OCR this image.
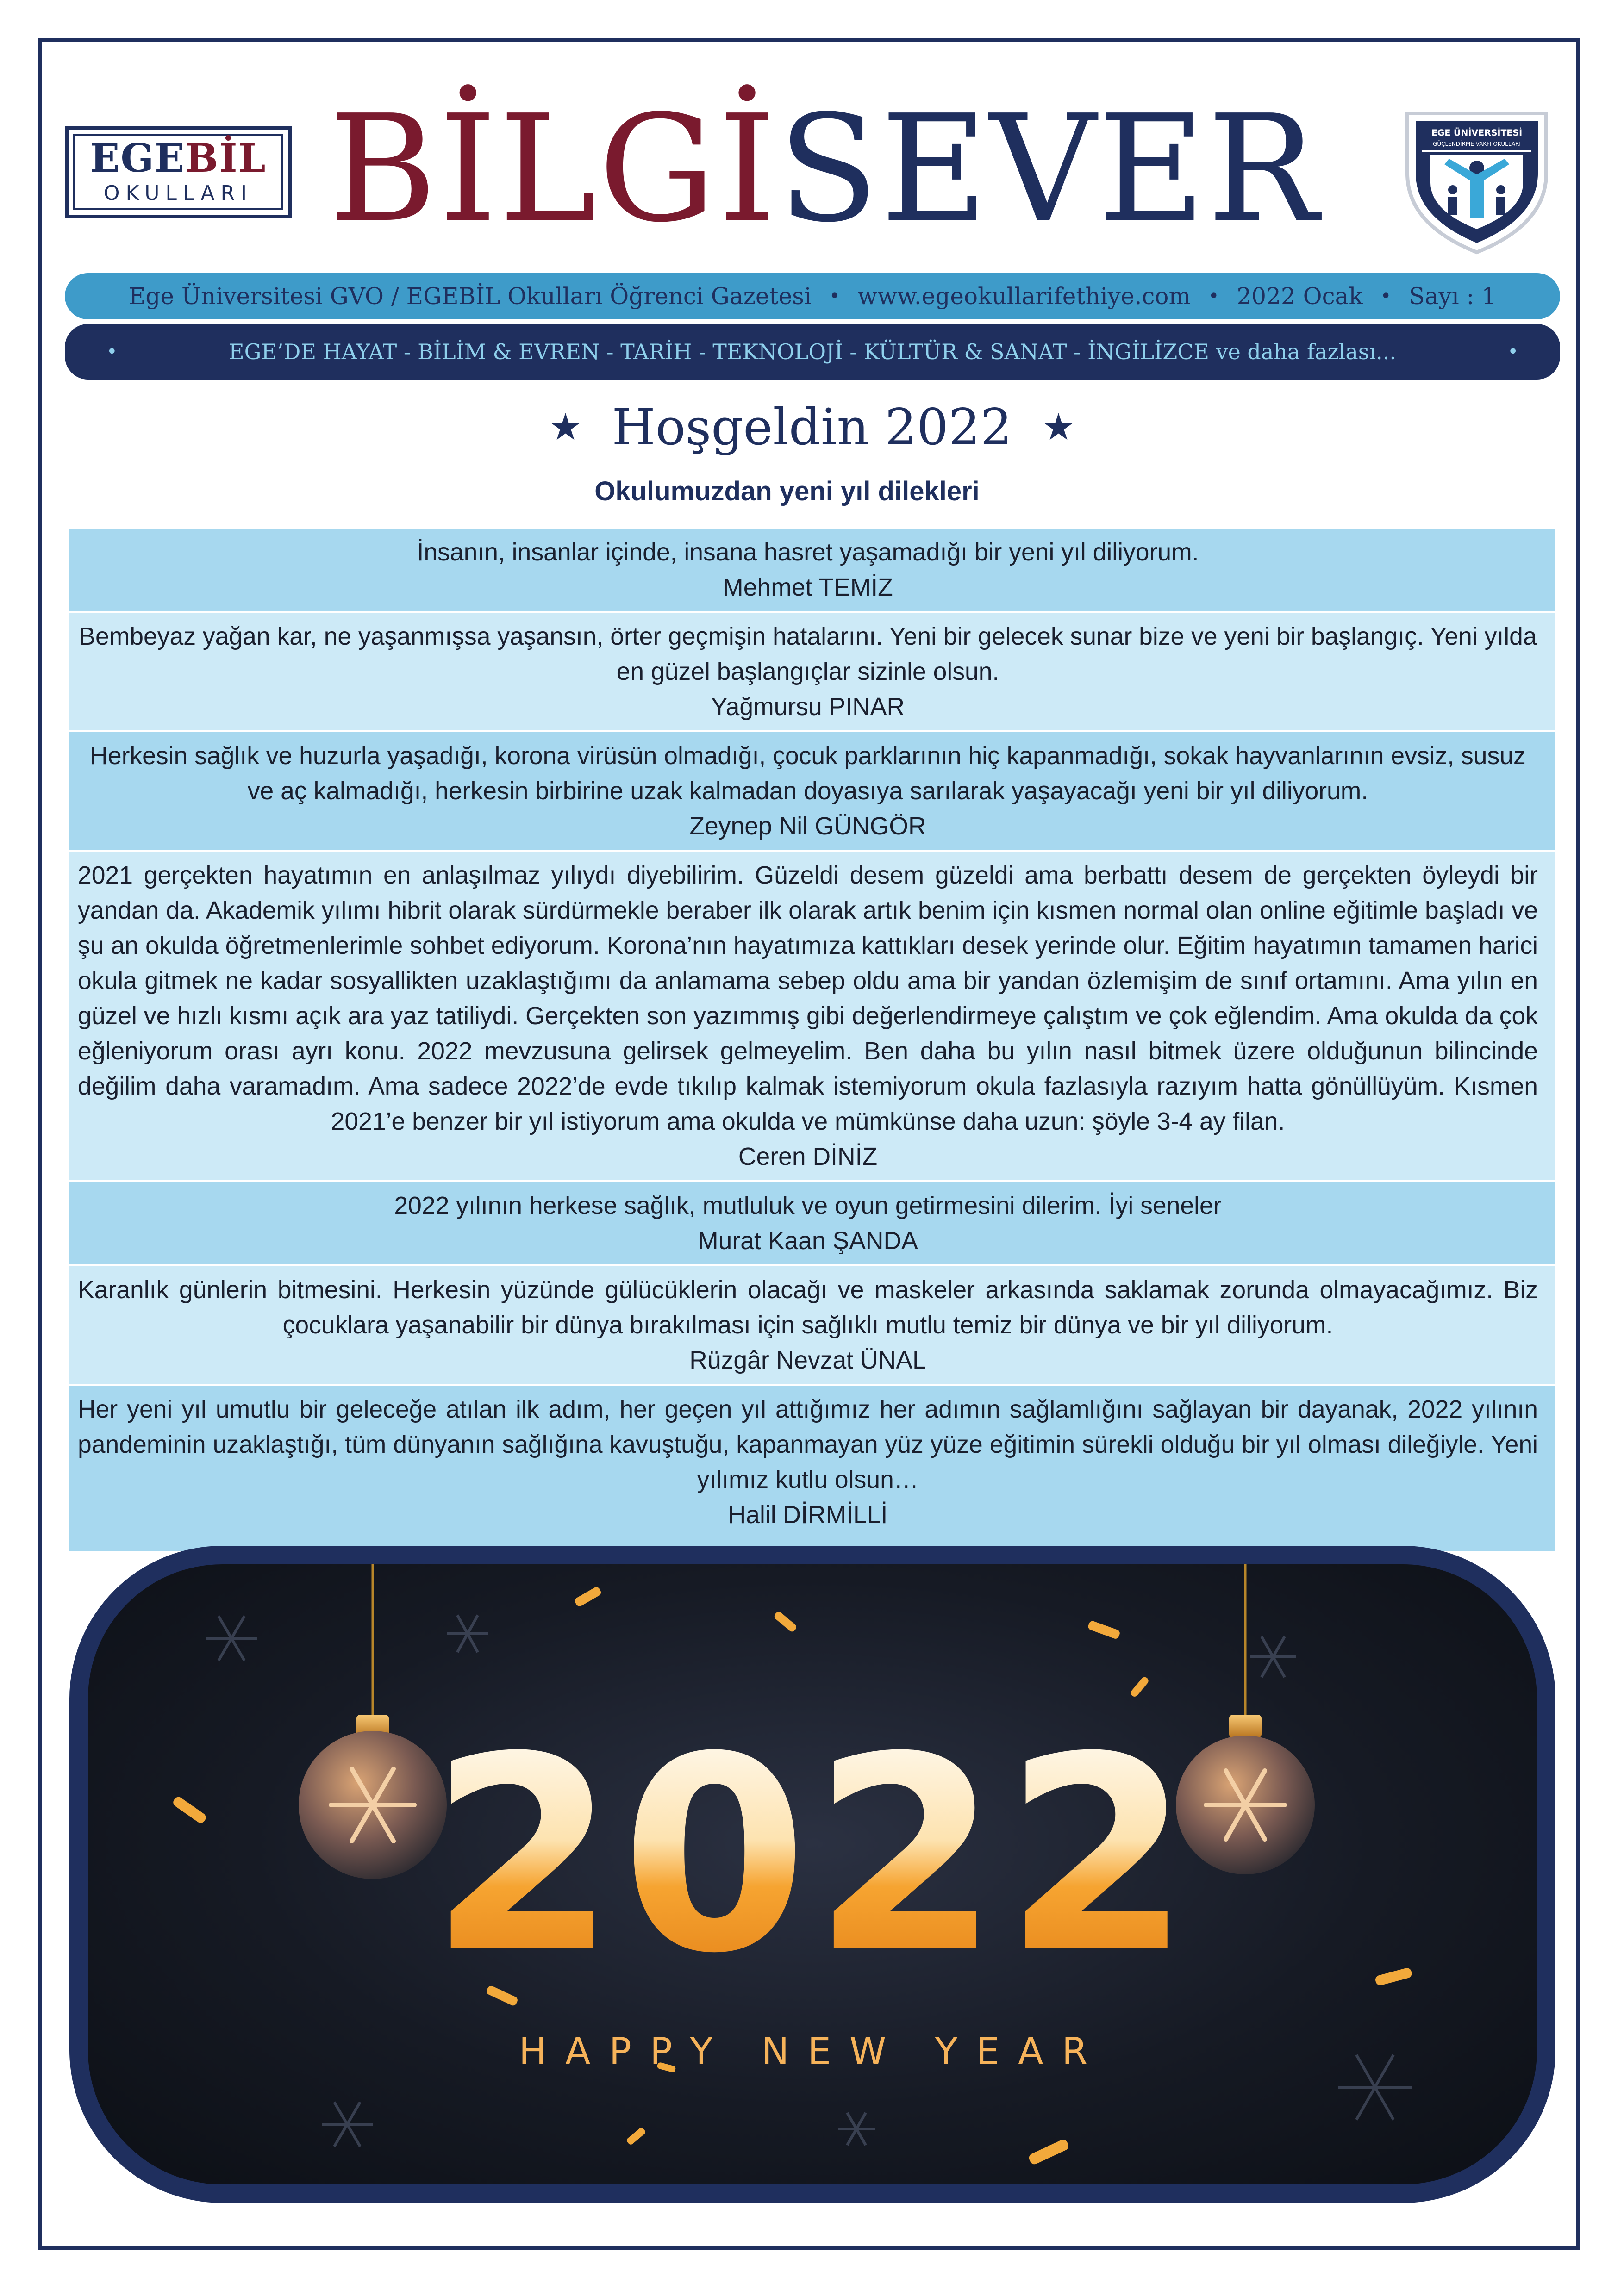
EGEBİL
OKULLARI BİLGİSEVER	EGE ÜNİVERSİTESİ
GÜÇLENDİRME VAKFI OKULLARI
Ege Üniversitesi GVO / EGEBİL Okulları Öğrenci Gazetesi • www.egeokullarifethiye.com • 2022 Ocak • Sayı : 1
•	EGE’DE HAYAT - BİLİM & EVREN - TARİH - TEKNOLOJİ - KÜLTÜR & SANAT - İNGİLİZCE ve daha fazlası...	•
★ Hoşgeldin 2022 ★
Okulumuzdan yeni yıl dilekleri
İnsanın, insanlar içinde, insana hasret yaşamadığı bir yeni yıl diliyorum.
Mehmet TEMİZ
Bembeyaz yağan kar, ne yaşanmışsa yaşansın, örter geçmişin hatalarını. Yeni bir gelecek sunar bize ve yeni bir başlangıç. Yeni yılda en güzel başlangıçlar sizinle olsun.
Yağmursu PINAR
Herkesin sağlık ve huzurla yaşadığı, korona virüsün olmadığı, çocuk parklarının hiç kapanmadığı, sokak hayvanlarının evsiz, susuz ve aç kalmadığı, herkesin birbirine uzak kalmadan doyasıya sarılarak yaşayacağı yeni bir yıl diliyorum.
Zeynep Nil GÜNGÖR
2021 gerçekten hayatımın en anlaşılmaz yılıydı diyebilirim. Güzeldi desem güzeldi ama berbattı desem de gerçekten öyleydi bir yandan da. Akademik yılımı hibrit olarak sürdürmekle beraber ilk olarak artık benim için kısmen normal olan online eğitimle başladı ve şu an okulda öğretmenlerimle sohbet ediyorum. Korona’nın hayatımıza kattıkları desek yerinde olur. Eğitim hayatımın tamamen harici okula gitmek ne kadar sosyallikten uzaklaştığımı da anlamama sebep oldu ama bir yandan özlemişim de sınıf ortamını. Ama yılın en güzel ve hızlı kısmı açık ara yaz tatiliydi. Gerçekten son yazımmış gibi değerlendirmeye çalıştım ve çok eğlendim. Ama okulda da çok eğleniyorum orası ayrı konu. 2022 mevzusuna gelirsek gelmeyelim. Ben daha bu yılın nasıl bitmek üzere olduğunun bilincinde değilim daha varamadım. Ama sadece 2022’de evde tıkılıp kalmak istemiyorum okula fazlasıyla razıyım hatta gönüllüyüm. Kısmen 2021’e benzer bir yıl istiyorum ama okulda ve mümkünse daha uzun: şöyle 3-4 ay filan.
Ceren DİNİZ
2022 yılının herkese sağlık, mutluluk ve oyun getirmesini dilerim. İyi seneler
Murat Kaan ŞANDA
Karanlık günlerin bitmesini. Herkesin yüzünde gülücüklerin olacağı ve maskeler arkasında saklamak zorunda olmayacağımız. Biz çocuklara yaşanabilir bir dünya bırakılması için sağlıklı mutlu temiz bir dünya ve bir yıl diliyorum.
Rüzgâr Nevzat ÜNAL
Her yeni yıl umutlu bir geleceğe atılan ilk adım, her geçen yıl attığımız her adımın sağlamlığını sağlayan bir dayanak, 2022 yılının pandeminin uzaklaştığı, tüm dünyanın sağlığına kavuştuğu, kapanmayan yüz yüze eğitimin sürekli olduğu bir yıl olması dileğiyle. Yeni yılımız kutlu olsun…
Halil DİRMİLLİ
2022
HAPPY NEW YEAR
